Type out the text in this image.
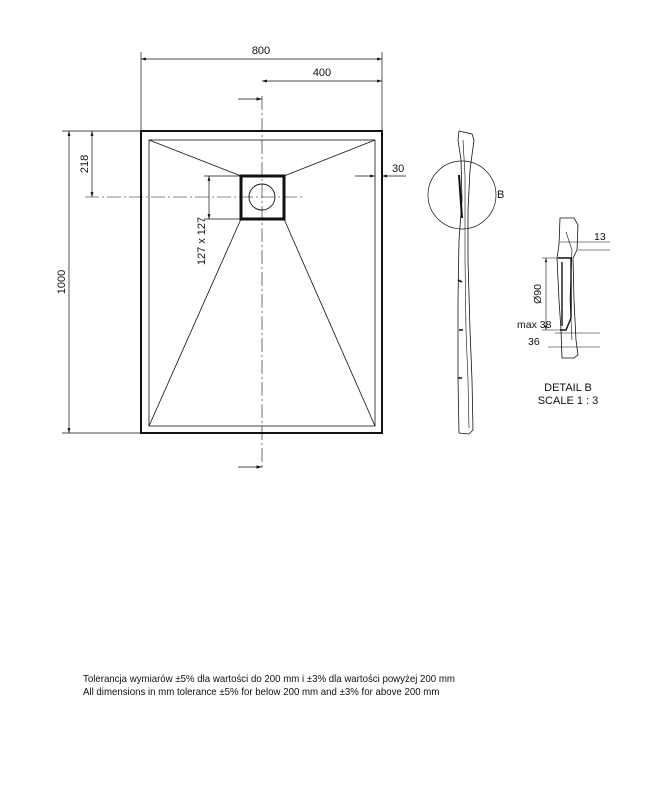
800
400
30
218
127 x 127
1000
B
13
Ø90
max 38
36
DETAIL B
SCALE 1 : 3
Tolerancja wymiarów ±5% dla wartości do 200 mm i ±3% dla wartości powyżej 200 mm
All dimensions in mm tolerance ±5% for below 200 mm and ±3% for above 200 mm
